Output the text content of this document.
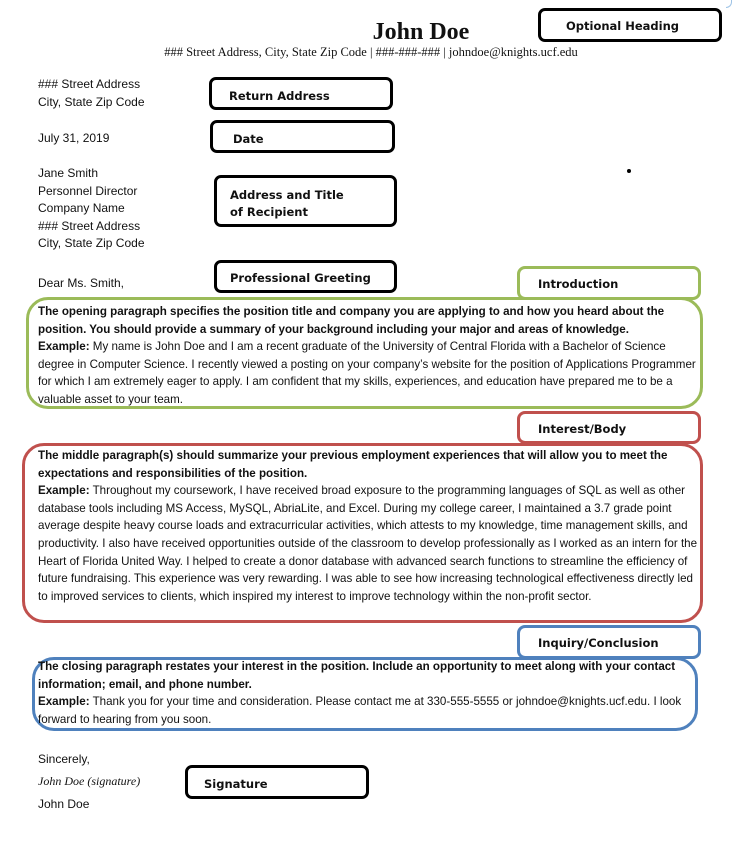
John Doe
### Street Address, City, State Zip Code | ###-###-### | johndoe@knights.ucf.edu
Optional Heading
### Street Address
City, State Zip Code	Return Address
July 31, 2019	Date
Jane Smith
Personnel Director
Company Name
### Street Address
City, State Zip Code
Address and Title
of Recipient
Dear Ms. Smith,	Professional Greeting	Introduction
The opening paragraph specifies the position title and company you are applying to and how you heard about the position. You should provide a summary of your background including your major and areas of knowledge.
Example: My name is John Doe and I am a recent graduate of the University of Central Florida with a Bachelor of Science degree in Computer Science. I recently viewed a posting on your company’s website for the position of Applications Programmer for which I am extremely eager to apply. I am confident that my skills, experiences, and education have prepared me to be a valuable asset to your team.
Interest/Body
The middle paragraph(s) should summarize your previous employment experiences that will allow you to meet the expectations and responsibilities of the position.
Example: Throughout my coursework, I have received broad exposure to the programming languages of SQL as well as other database tools including MS Access, MySQL, AbriaLite, and Excel. During my college career, I maintained a 3.7 grade point average despite heavy course loads and extracurricular activities, which attests to my knowledge, time management skills, and productivity. I also have received opportunities outside of the classroom to develop professionally as I worked as an intern for the Heart of Florida United Way. I helped to create a donor database with advanced search functions to streamline the efficiency of future fundraising. This experience was very rewarding. I was able to see how increasing technological effectiveness directly led to improved services to clients, which inspired my interest to improve technology within the non-profit sector.
Inquiry/Conclusion
The closing paragraph restates your interest in the position. Include an opportunity to meet along with your contact information; email, and phone number.
Example: Thank you for your time and consideration. Please contact me at 330-555-5555 or johndoe@knights.ucf.edu. I look forward to hearing from you soon.
Sincerely,
John Doe (signature)
John Doe
Signature
